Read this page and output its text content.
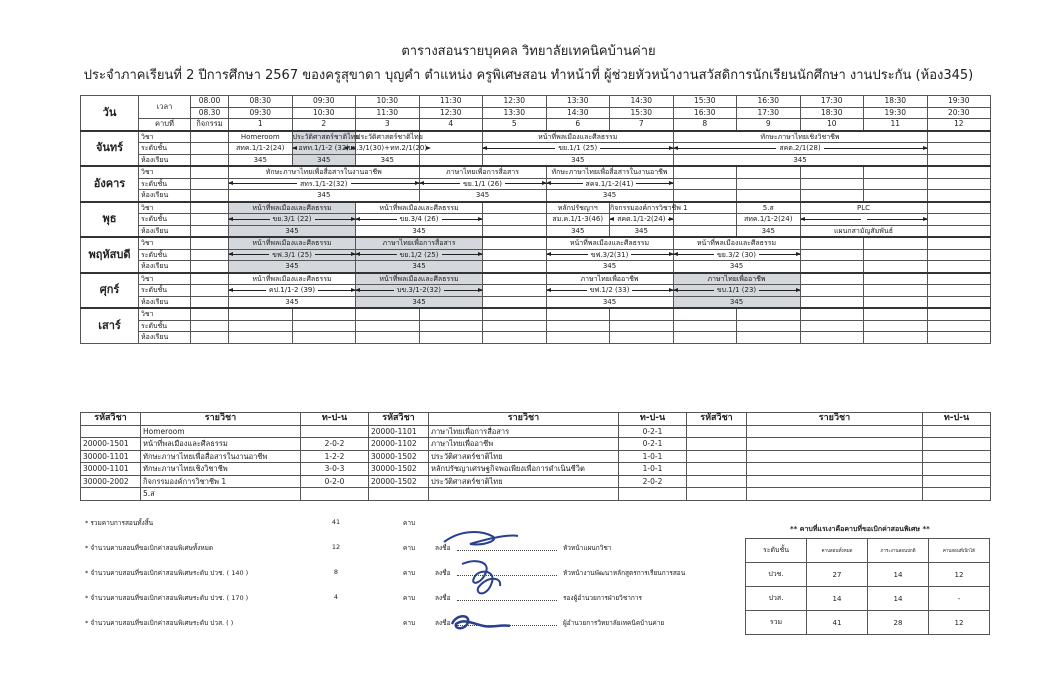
ตารางสอนรายบุคคล วิทยาลัยเทคนิคบ้านค่าย
ประจำภาคเรียนที่ 2 ปีการศึกษา 2567 ของครูสุขาดา บุญคำ ตำแหน่ง ครูพิเศษสอน ทำหน้าที่ ผู้ช่วยหัวหน้างานสวัสดิการนักเรียนนักศึกษา งานประกัน (ห้อง345)
วัน	เวลา	08.00	08:30	09:30	10:30	11:30	12:30	13:30	14:30	15:30	16:30	17:30	18:30	19:30
		08.30	09:30	10:30	11:30	12:30	13:30	14:30	15:30	16:30	17:30	18:30	19:30	20:30
	คาบที่	กิจกรรม	1	2	3	4	5	6	7	8	9	10	11	12
จันทร์	วิชา		Homeroom	ประวัติศาสตร์ชาติไทย	ประวัติศาสตร์ชาติไทย		หน้าที่พลเมืองและศีลธรรม			ทักษะภาษาไทยเชิงวิชาชีพ				
	ระดับชั้น		สทค.1/1-2(24)	อทท.1/1-2 (32)	ขย.3/1(30)+ทท.2/1(20)		ขย.1/1 (25)			สคต.2/1(28)				

	ห้องเรียน		345	345	345		345			345				
อังคาร	วิชา		ทักษะภาษาไทยเพื่อสื่อสารในงานอาชีพ			ภาษาไทยเพื่อการสื่อสาร		ทักษะภาษาไทยเพื่อสื่อสารในงานอาชีพ						
	ระดับชั้น		สทร.1/1-2(32)			ขย.1/1 (26)		สคจ.1/1-2(41)						

	ห้องเรียน		345			345		345						
พุธ	วิชา		หน้าที่พลเมืองและศีลธรรม		หน้าที่พลเมืองและศีลธรรม			หลักปรัชญาฯ	กิจกรรมองค์การวิชาชีพ 1		5.ส	PLC		
	ระดับชั้น		ขย.3/1 (22)		ขย.3/4 (26)			สม.ค.1/1-3(46)	สคต.1/1-2(24)		สทค.1/1-2(24)		

	ห้องเรียน		345		345			345	345		345	แผนกสามัญสัมพันธ์		
พฤหัสบดี	วิชา		หน้าที่พลเมืองและศีลธรรม		ภาษาไทยเพื่อการสื่อสาร			หน้าที่พลเมืองและศีลธรรม		หน้าที่พลเมืองและศีลธรรม				
	ระดับชั้น		ขฟ.3/1 (25)		ขย.1/2 (25)			ขฟ.3/2(31)		ขย.3/2 (30)				

	ห้องเรียน		345		345			345		345				
ศุกร์	วิชา		หน้าที่พลเมืองและศีลธรรม		หน้าที่พลเมืองและศีลธรรม			ภาษาไทยเพื่ออาชีพ		ภาษาไทยเพื่ออาชีพ				
	ระดับชั้น		คป.1/1-2 (39)		บข.3/1-2(32)			ขฟ.1/2 (33)		ขบ.1/1 (23)				

	ห้องเรียน		345		345			345		345				
เสาร์	วิชา													
	ระดับชั้น													
	ห้องเรียน													
รหัสวิชา	รายวิชา	ท-ป-น	รหัสวิชา	รายวิชา	ท-ป-น	รหัสวิชา	รายวิชา	ท-ป-น
	Homeroom		20000-1101	ภาษาไทยเพื่อการสื่อสาร	0-2-1			
20000-1501	หน้าที่พลเมืองและศีลธรรม	2-0-2	20000-1102	ภาษาไทยเพื่ออาชีพ	0-2-1			
30000-1101	ทักษะภาษาไทยเพื่อสื่อสารในงานอาชีพ	1-2-2	30000-1502	ประวัติศาสตร์ชาติไทย	1-0-1			
30000-1101	ทักษะภาษาไทยเชิงวิชาชีพ	3-0-3	30000-1502	หลักปรัชญาเศรษฐกิจพอเพียงเพื่อการดำเนินชีวิต	1-0-1			
30000-2002	กิจกรรมองค์การวิชาชีพ 1	0-2-0	20000-1502	ประวัติศาสตร์ชาติไทย	2-0-2			
	5.ส							
* รวมคาบการสอนทั้งสิ้น	41	คาบ
* จำนวนคาบสอนที่ขอเบิกค่าสอนพิเศษทั้งหมด	12	คาบ	ลงชื่อ	หัวหน้าแผนกวิชา
* จำนวนคาบสอนที่ขอเบิกค่าสอนพิเศษระดับ ปวช. ( 140 )	8	คาบ	ลงชื่อ	หัวหน้างานพัฒนาหลักสูตรการเรียนการสอน
* จำนวนคาบสอนที่ขอเบิกค่าสอนพิเศษระดับ ปวช. ( 170 )	4	คาบ	ลงชื่อ	รองผู้อำนวยการฝ่ายวิชาการ
* จำนวนคาบสอนที่ขอเบิกค่าสอนพิเศษระดับ ปวส. ( )	คาบ	ลงชื่อ	ผู้อำนวยการวิทยาลัยเทคนิคบ้านค่าย
** คาบที่แรเงาคือคาบที่ขอเบิกค่าสอนพิเศษ **
ระดับชั้น	คาบสอนทั้งหมด	ภาระงานสอนปกติ	คาบสอนที่เบิกได้
ปวช.	27	14	12
ปวส.	14	14	-
รวม	41	28	12
